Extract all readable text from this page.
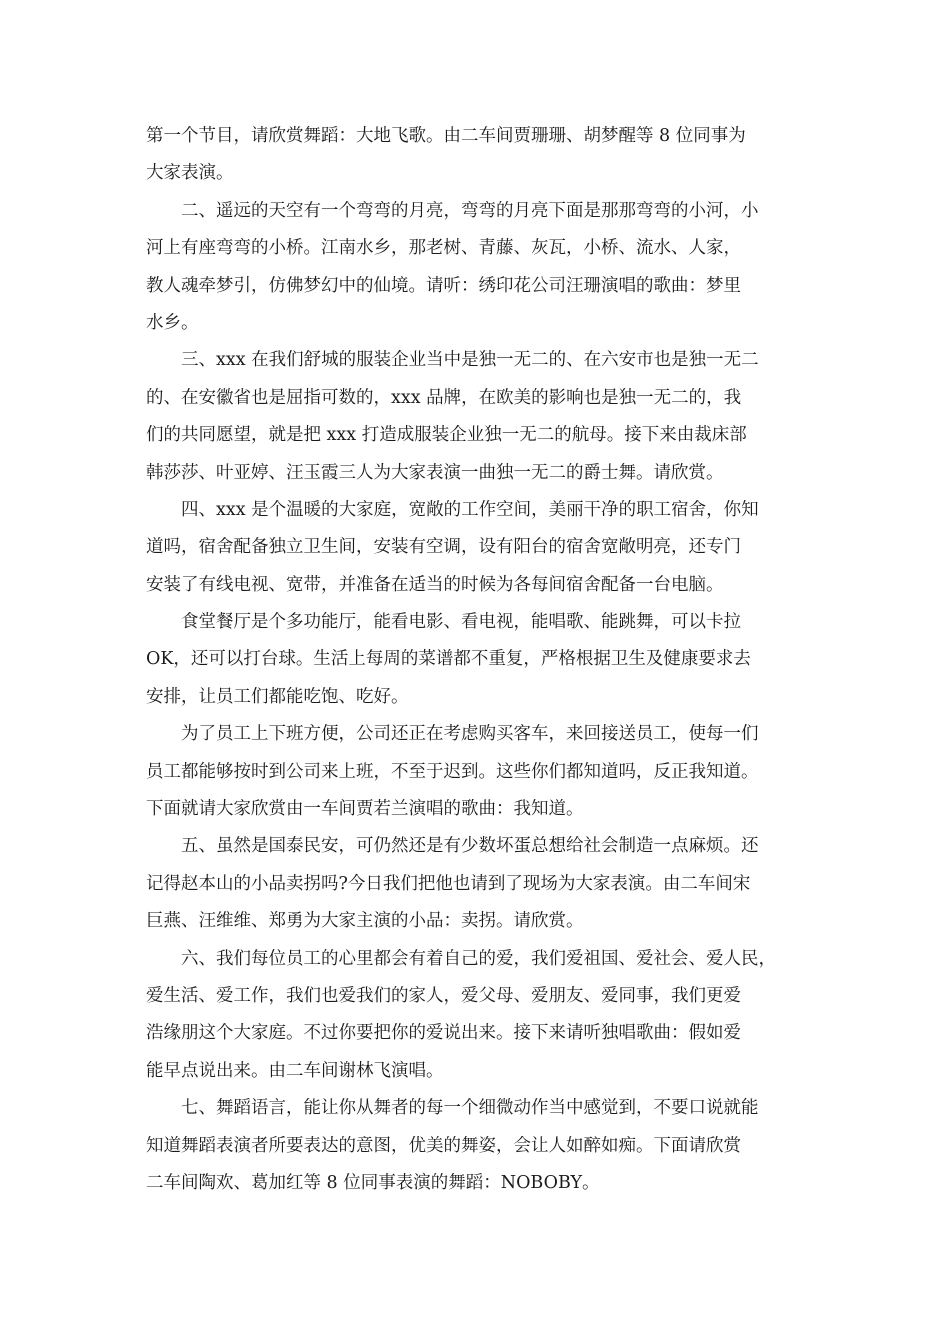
第一个节目，请欣赏舞蹈：大地飞歌。由二车间贾珊珊、胡梦醒等 8 位同事为
大家表演。
二、遥远的天空有一个弯弯的月亮，弯弯的月亮下面是那那弯弯的小河，小
河上有座弯弯的小桥。江南水乡，那老树、青藤、灰瓦，小桥、流水、人家，
教人魂牵梦引，仿佛梦幻中的仙境。请听：绣印花公司汪珊演唱的歌曲：梦里
水乡。
三、xxx 在我们舒城的服装企业当中是独一无二的、在六安市也是独一无二
的、在安徽省也是屈指可数的，xxx 品牌，在欧美的影响也是独一无二的，我
们的共同愿望，就是把 xxx 打造成服装企业独一无二的航母。接下来由裁床部
韩莎莎、叶亚婷、汪玉霞三人为大家表演一曲独一无二的爵士舞。请欣赏。
四、xxx 是个温暖的大家庭，宽敞的工作空间，美丽干净的职工宿舍，你知
道吗，宿舍配备独立卫生间，安装有空调，设有阳台的宿舍宽敞明亮，还专门
安装了有线电视、宽带，并准备在适当的时候为各每间宿舍配备一台电脑。
食堂餐厅是个多功能厅，能看电影、看电视，能唱歌、能跳舞，可以卡拉
OK，还可以打台球。生活上每周的菜谱都不重复，严格根据卫生及健康要求去
安排，让员工们都能吃饱、吃好。
为了员工上下班方便，公司还正在考虑购买客车，来回接送员工，使每一们
员工都能够按时到公司来上班，不至于迟到。这些你们都知道吗，反正我知道。
下面就请大家欣赏由一车间贾若兰演唱的歌曲：我知道。
五、虽然是国泰民安，可仍然还是有少数坏蛋总想给社会制造一点麻烦。还
记得赵本山的小品卖拐吗?今日我们把他也请到了现场为大家表演。由二车间宋
巨燕、汪维维、郑勇为大家主演的小品：卖拐。请欣赏。
六、我们每位员工的心里都会有着自己的爱，我们爱祖国、爱社会、爱人民，
爱生活、爱工作，我们也爱我们的家人，爱父母、爱朋友、爱同事，我们更爱
浩缘朋这个大家庭。不过你要把你的爱说出来。接下来请听独唱歌曲：假如爱
能早点说出来。由二车间谢林飞演唱。
七、舞蹈语言，能让你从舞者的每一个细微动作当中感觉到，不要口说就能
知道舞蹈表演者所要表达的意图，优美的舞姿，会让人如醉如痴。下面请欣赏
二车间陶欢、葛加红等 8 位同事表演的舞蹈：NOBOBY。
